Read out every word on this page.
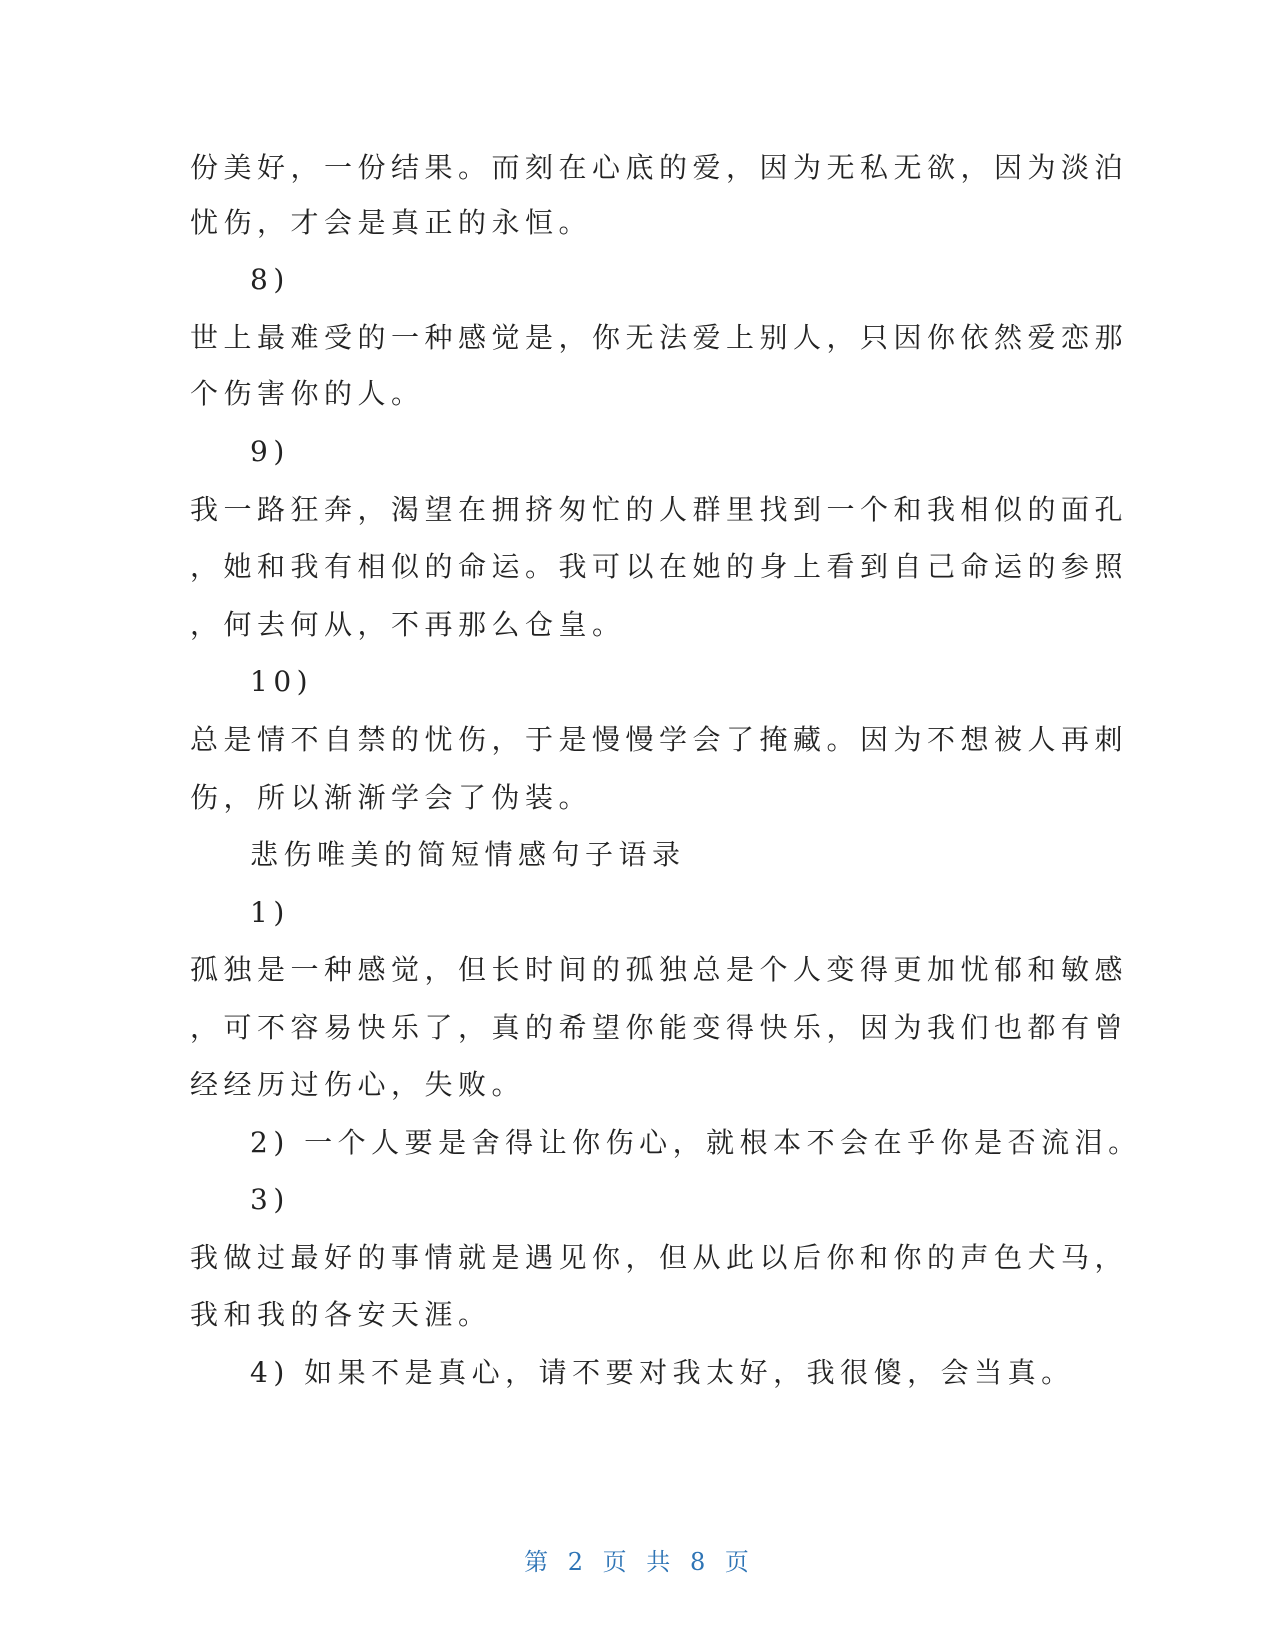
份美好，一份结果。而刻在心底的爱，因为无私无欲，因为淡泊
忧伤，才会是真正的永恒。
8)
世上最难受的一种感觉是，你无法爱上别人，只因你依然爱恋那
个伤害你的人。
9)
我一路狂奔，渴望在拥挤匆忙的人群里找到一个和我相似的面孔
，她和我有相似的命运。我可以在她的身上看到自己命运的参照
，何去何从，不再那么仓皇。
10)
总是情不自禁的忧伤，于是慢慢学会了掩藏。因为不想被人再刺
伤，所以渐渐学会了伪装。
悲伤唯美的简短情感句子语录
1)
孤独是一种感觉，但长时间的孤独总是个人变得更加忧郁和敏感
，可不容易快乐了，真的希望你能变得快乐，因为我们也都有曾
经经历过伤心，失败。
2) 一个人要是舍得让你伤心，就根本不会在乎你是否流泪。
3)
我做过最好的事情就是遇见你，但从此以后你和你的声色犬马，
我和我的各安天涯。
4) 如果不是真心，请不要对我太好，我很傻，会当真。
第 2 页 共 8 页
